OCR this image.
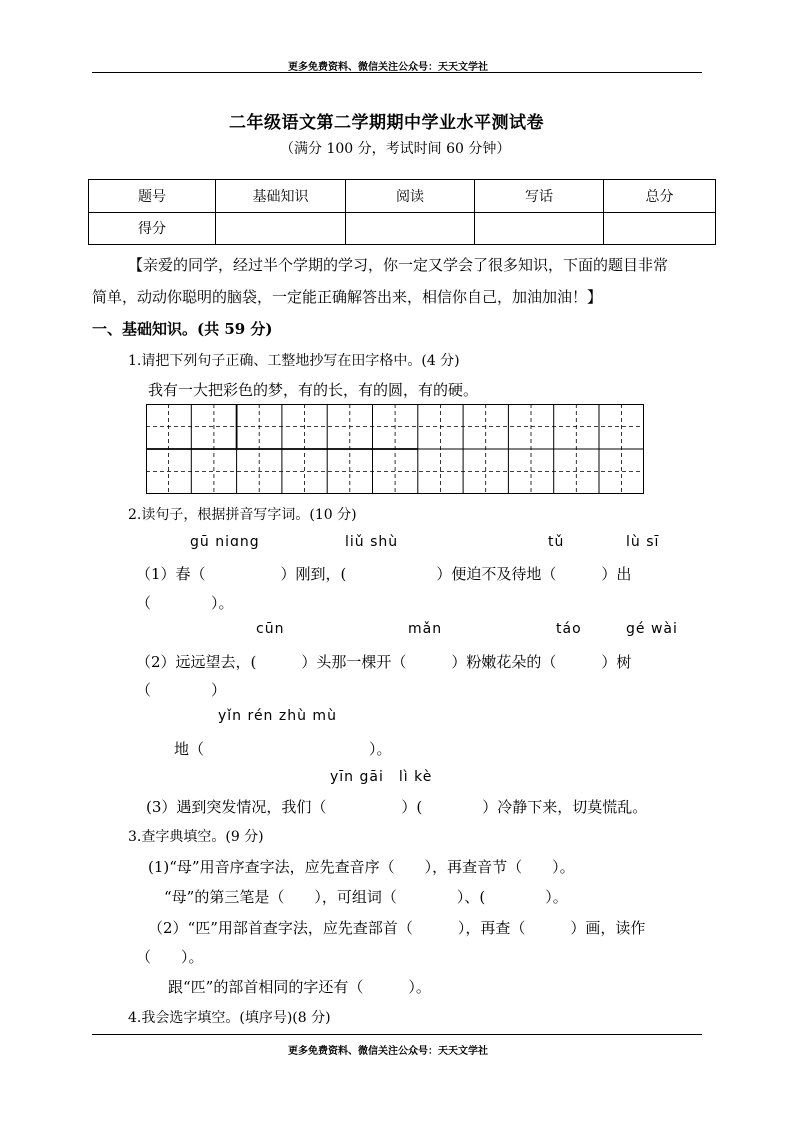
更多免费资料、微信关注公众号：天天文学社
二年级语文第二学期期中学业水平测试卷
（满分 100 分，考试时间 60 分钟）
题号	基础知识	阅读	写话	总分
得分				
【亲爱的同学，经过半个学期的学习，你一定又学会了很多知识，下面的题目非常
简单，动动你聪明的脑袋，一定能正确解答出来，相信你自己，加油加油！】
一、基础知识。(共 59 分)
1.请把下列句子正确、工整地抄写在田字格中。(4 分)
我有一大把彩色的梦，有的长，有的圆，有的硬。
2.读句子，根据拼音写字词。(10 分)
gū niɑng	liǔ shù	tǔ	lù sī
（1）春（　　　　　）刚到，(　　　　　　）便迫不及待地（　　　）出
（　　　　）。
cūn	mǎn	táo	gé wài
（2）远远望去，(　　　）头那一棵开（　　　）粉嫩花朵的（　　　）树
（　　　　）
yǐn rén zhù mù
地（　　　　　　　　　　　）。
yīn gāi　lì kè
(3）遇到突发情况，我们（　　　　　）(　　　　）冷静下来，切莫慌乱。
3.查字典填空。(9 分)
(1)“母”用音序查字法，应先查音序（　　），再查音节（　　）。
“母”的第三笔是（　　），可组词（　　　　）、(　　　　）。
（2）“匹”用部首查字法，应先查部首（　　　），再查（　　　）画，读作
（　　）。
跟“匹”的部首相同的字还有（　　　）。
4.我会选字填空。(填序号)(8 分)
更多免费资料、微信关注公众号：天天文学社
